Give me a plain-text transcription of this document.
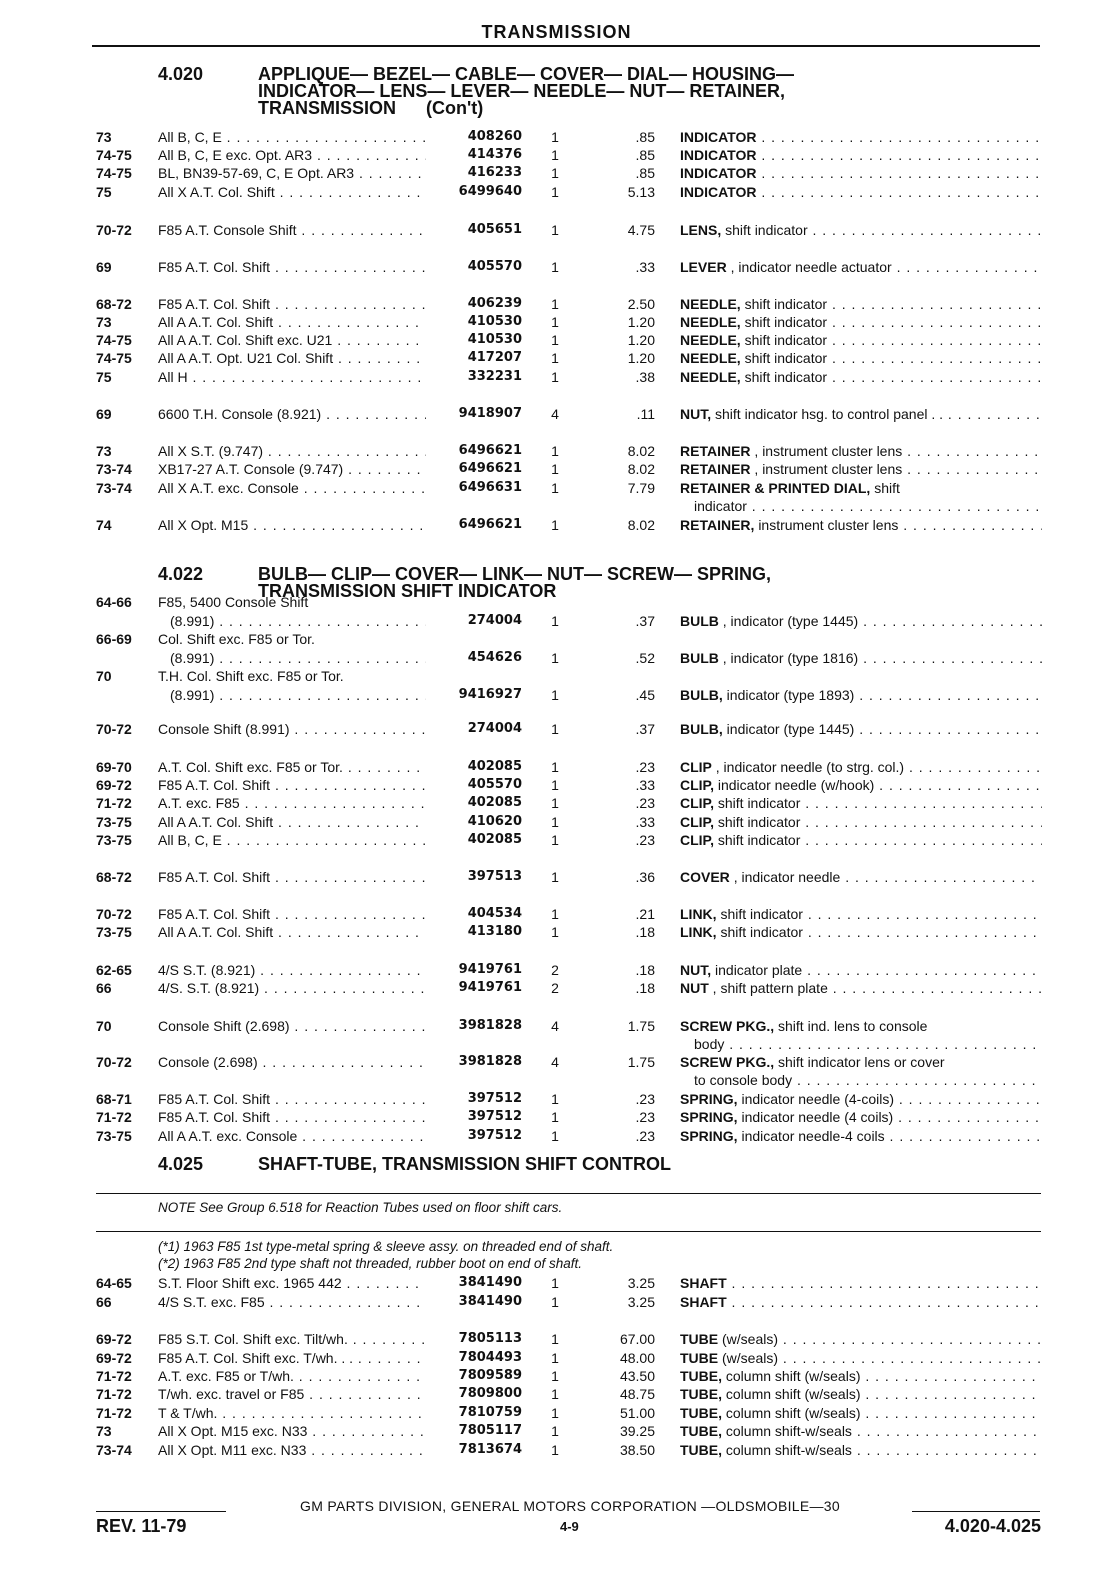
TRANSMISSION
4.020	APPLIQUE— BEZEL— CABLE— COVER— DIAL— HOUSING—
INDICATOR— LENS— LEVER— NEEDLE— NUT— RETAINER,
TRANSMISSION (Con't)
4.022	BULB— CLIP— COVER— LINK— NUT— SCREW— SPRING,
TRANSMISSION SHIFT INDICATOR
4.025	SHAFT-TUBE, TRANSMISSION SHIFT CONTROL
NOTE See Group 6.518 for Reaction Tubes used on floor shift cars.
(*1) 1963 F85 1st type-metal spring & sleeve assy. on threaded end of shaft.
(*2) 1963 F85 2nd type shaft not threaded, rubber boot on end of shaft.
73	All B, C, E . . .	408260	1	.85 INDICATOR . . .
74-75	All B, C, E exc. Opt. AR3 . . .	414376	1	.85 INDICATOR . . .
74-75	BL, BN39-57-69, C, E Opt. AR3 . . .	416233	1	.85 INDICATOR . . .
75	All X A.T. Col. Shift . . .	6499640	1	5.13 INDICATOR . . .
70-72	F85 A.T. Console Shift . . .	405651	1	4.75 LENS, shift indicator . . .
69	F85 A.T. Col. Shift . . .	405570	1	.33 LEVER , indicator needle actuator . . .
68-72	F85 A.T. Col. Shift . . .	406239	1	2.50 NEEDLE, shift indicator . . .
73	All A A.T. Col. Shift . . .	410530	1	1.20 NEEDLE, shift indicator . . .
74-75	All A A.T. Col. Shift exc. U21 . . .	410530	1	1.20 NEEDLE, shift indicator . . .
74-75	All A A.T. Opt. U21 Col. Shift . . .	417207	1	1.20 NEEDLE, shift indicator . . .
75	All H . . .	332231	1	.38 NEEDLE, shift indicator . . .
69	6600 T.H. Console (8.921) . . .	9418907	4	.11 NUT, shift indicator hsg. to control panel . . . . .
73	All X S.T. (9.747) . . .	6496621	1	8.02 RETAINER , instrument cluster lens . . .
73-74	XB17-27 A.T. Console (9.747) . . .	6496621	1	8.02 RETAINER , instrument cluster lens . . .
73-74	All X A.T. exc. Console . . .	6496631	1	7.79 RETAINER & PRINTED DIAL, shift
indicator . . .
74	All X Opt. M15 . . .	6496621	1	8.02 RETAINER, instrument cluster lens . . .
64-66	F85, 5400 Console Shift
(8.991) . . .	274004	1	.37 BULB , indicator (type 1445) . . .
66-69	Col. Shift exc. F85 or Tor.
(8.991) . . .	454626	1	.52 BULB , indicator (type 1816) . . .
70	T.H. Col. Shift exc. F85 or Tor.
(8.991) . . .	9416927	1	.45 BULB, indicator (type 1893) . . .
70-72	Console Shift (8.991) . . .	274004	1	.37 BULB, indicator (type 1445) . . .
69-70	A.T. Col. Shift exc. F85 or Tor. . . .	402085	1	.23 CLIP , indicator needle (to strg. col.) . . .
69-72	F85 A.T. Col. Shift . . .	405570	1	.33 CLIP, indicator needle (w/hook) . . .
71-72	A.T. exc. F85 . . .	402085	1	.23 CLIP, shift indicator . . .
73-75	All A A.T. Col. Shift . . .	410620	1	.33 CLIP, shift indicator . . .
73-75	All B, C, E . . .	402085	1	.23 CLIP, shift indicator . . .
68-72	F85 A.T. Col. Shift . . .	397513	1	.36 COVER , indicator needle . . .
70-72	F85 A.T. Col. Shift . . .	404534	1	.21 LINK, shift indicator . . .
73-75	All A A.T. Col. Shift . . .	413180	1	.18 LINK, shift indicator . . .
62-65	4/S S.T. (8.921) . . .	9419761	2	.18 NUT, indicator plate . . .
66	4/S. S.T. (8.921) . . .	9419761	2	.18 NUT , shift pattern plate . . .
70	Console Shift (2.698) . . .	3981828	4	1.75 SCREW PKG., shift ind. lens to console
body . . .
70-72	Console (2.698) . . .	3981828	4	1.75 SCREW PKG., shift indicator lens or cover
to console body . . .
68-71	F85 A.T. Col. Shift . . .	397512	1	.23 SPRING, indicator needle (4-coils) . . .
71-72	F85 A.T. Col. Shift . . .	397512	1	.23 SPRING, indicator needle (4 coils) . . .
73-75	All A A.T. exc. Console . . .	397512	1	.23 SPRING, indicator needle-4 coils . . .
64-65	S.T. Floor Shift exc. 1965 442 . . .	3841490	1	3.25 SHAFT . . .
66	4/S S.T. exc. F85 . . .	3841490	1	3.25 SHAFT . . .
69-72	F85 S.T. Col. Shift exc. Tilt/wh. . . .	7805113	1	67.00 TUBE (w/seals) . . .
69-72	F85 A.T. Col. Shift exc. T/wh. . . . . .	7804493	1	48.00 TUBE (w/seals) . . .
71-72	A.T. exc. F85 or T/wh. . . .	7809589	1	43.50 TUBE, column shift (w/seals) . . .
71-72	T/wh. exc. travel or F85 . . .	7809800	1	48.75 TUBE, column shift (w/seals) . . .
71-72	T & T/wh. . . .	7810759	1	51.00 TUBE, column shift (w/seals) . . .
73	All X Opt. M15 exc. N33 . . .	7805117	1	39.25 TUBE, column shift-w/seals . . .
73-74	All X Opt. M11 exc. N33 . . .	7813674	1	38.50 TUBE, column shift-w/seals . . .
GM PARTS DIVISION, GENERAL MOTORS CORPORATION —OLDSMOBILE—30
REV. 11-79	4-9	4.020-4.025
